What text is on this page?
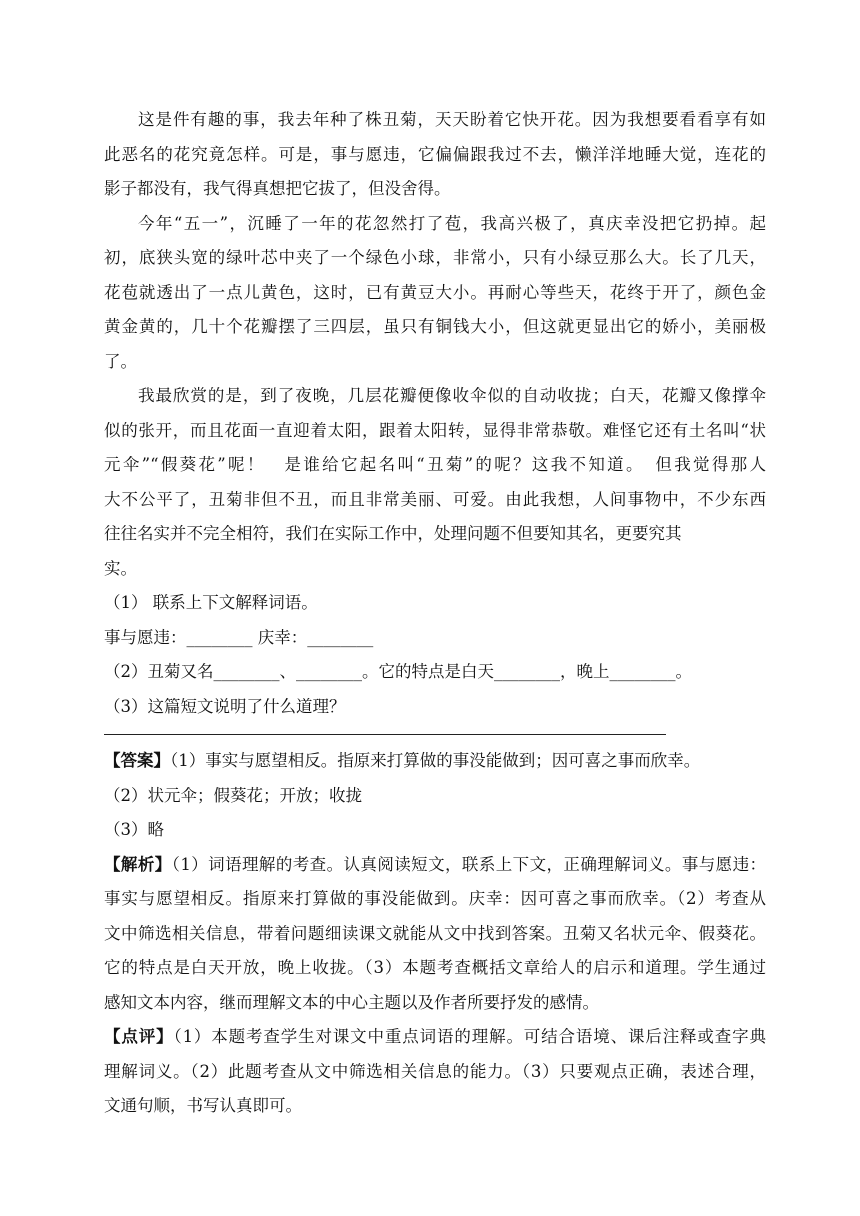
这是件有趣的事，我去年种了株丑菊，天天盼着它快开花。因为我想要看看享有如
此恶名的花究竟怎样。可是，事与愿违，它偏偏跟我过不去，懒洋洋地睡大觉，连花的
影子都没有，我气得真想把它拔了，但没舍得。
今年“五一”，沉睡了一年的花忽然打了苞，我高兴极了，真庆幸没把它扔掉。起
初，底狭头宽的绿叶芯中夹了一个绿色小球，非常小，只有小绿豆那么大。长了几天，
花苞就透出了一点儿黄色，这时，已有黄豆大小。再耐心等些天，花终于开了，颜色金
黄金黄的，几十个花瓣摆了三四层，虽只有铜钱大小，但这就更显出它的娇小，美丽极
了。
我最欣赏的是，到了夜晚，几层花瓣便像收伞似的自动收拢；白天，花瓣又像撑伞
似的张开，而且花面一直迎着太阳，跟着太阳转，显得非常恭敬。难怪它还有土名叫“状
元伞”“假葵花”呢！　是谁给它起名叫“丑菊”的呢？这我不知道。　但我觉得那人
大不公平了，丑菊非但不丑，而且非常美丽、可爱。由此我想，人间事物中，不少东西
往往名实并不完全相符，我们在实际工作中，处理问题不但要知其名，更要究其
实。
（1） 联系上下文解释词语。
事与愿违：________ 庆幸：________
（2）丑菊又名________、________。它的特点是白天________，晚上________。
（3）这篇短文说明了什么道理？
【答案】（1）事实与愿望相反。指原来打算做的事没能做到；因可喜之事而欣幸。
（2）状元伞；假葵花；开放；收拢
（3）略
【解析】（1）词语理解的考查。认真阅读短文，联系上下文，正确理解词义。事与愿违：
事实与愿望相反。指原来打算做的事没能做到。庆幸：因可喜之事而欣幸。（2）考查从
文中筛选相关信息，带着问题细读课文就能从文中找到答案。丑菊又名状元伞、假葵花。
它的特点是白天开放，晚上收拢。（3）本题考查概括文章给人的启示和道理。学生通过
感知文本内容，继而理解文本的中心主题以及作者所要抒发的感情。
【点评】（1）本题考查学生对课文中重点词语的理解。可结合语境、课后注释或查字典
理解词义。（2）此题考查从文中筛选相关信息的能力。（3）只要观点正确，表述合理，
文通句顺，书写认真即可。
